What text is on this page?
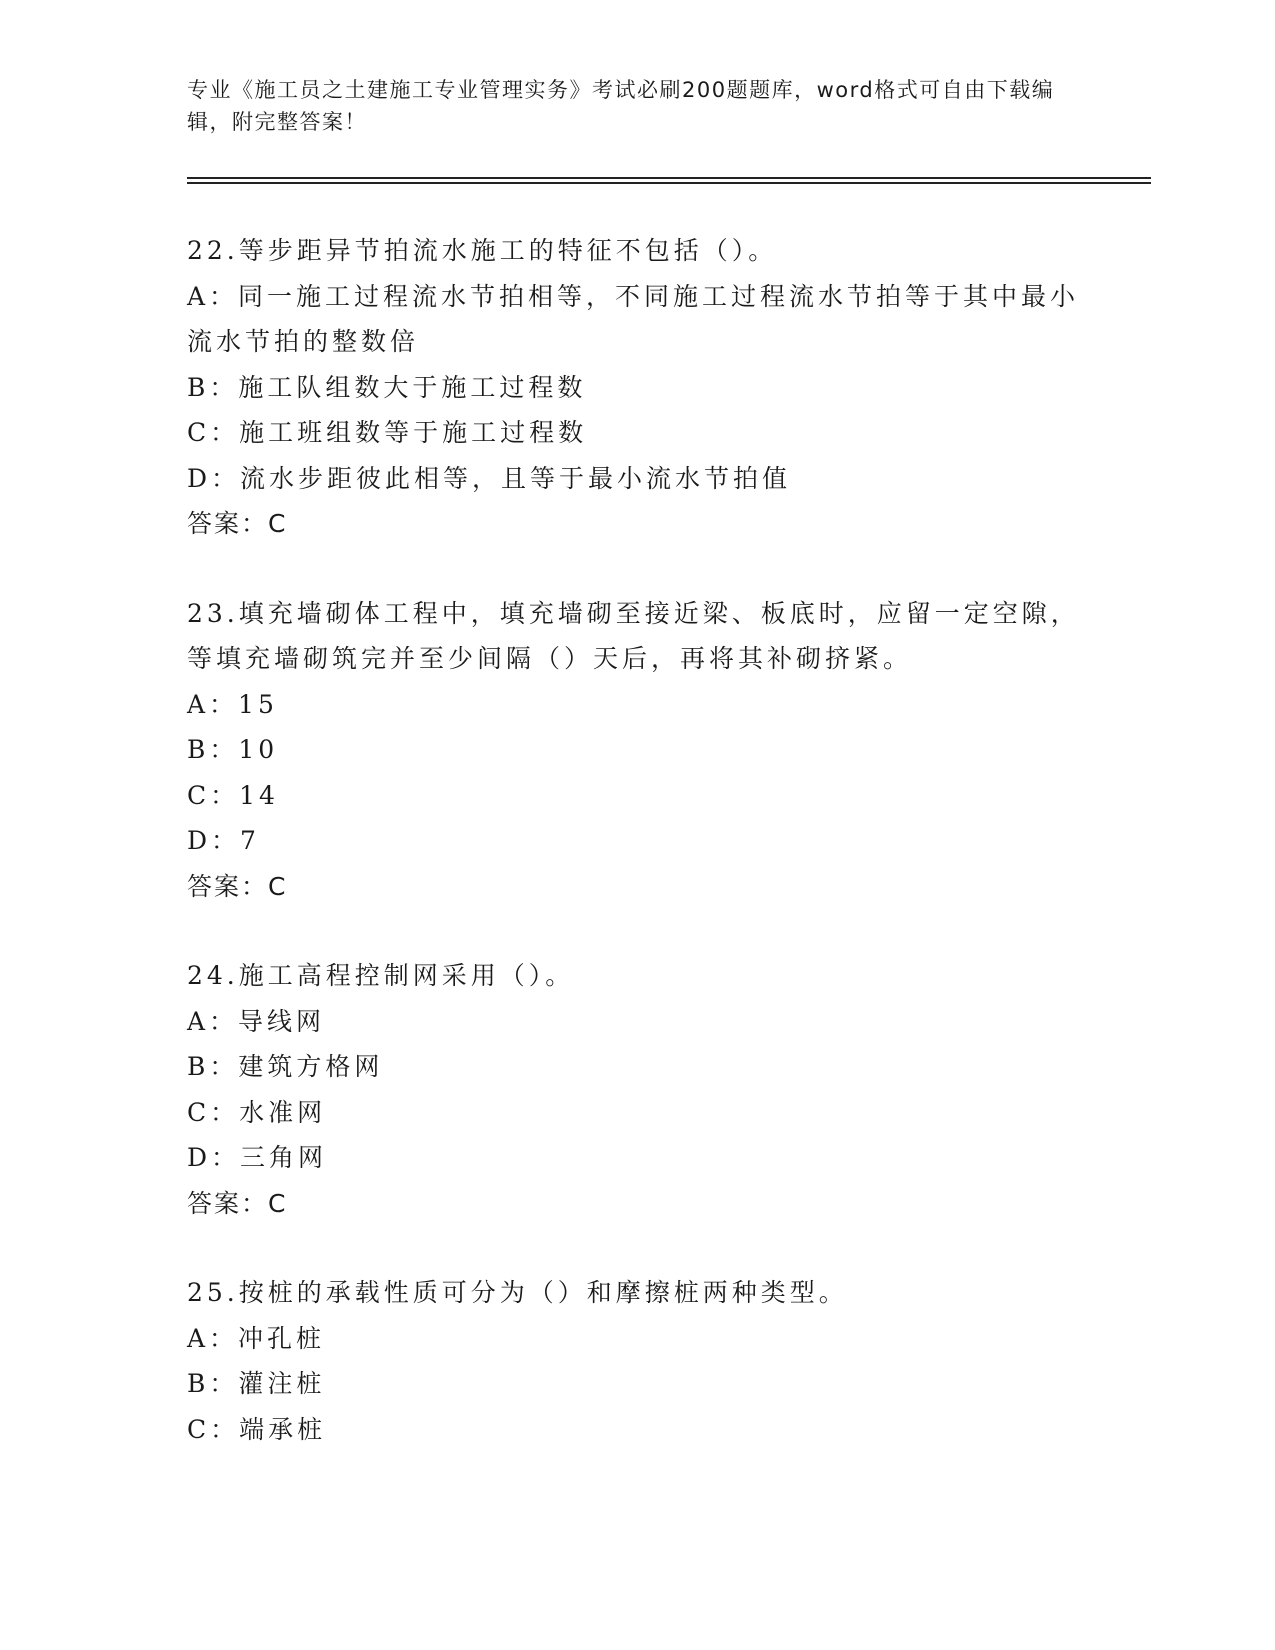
专业《施工员之土建施工专业管理实务》考试必刷200题题库，word格式可自由下载编辑，附完整答案！

22.等步距异节拍流水施工的特征不包括（）。

A：同一施工过程流水节拍相等，不同施工过程流水节拍等于其中最小流水节拍的整数倍

B：施工队组数大于施工过程数

C：施工班组数等于施工过程数

D：流水步距彼此相等，且等于最小流水节拍值

答案：C

23.填充墙砌体工程中，填充墙砌至接近梁、板底时，应留一定空隙，等填充墙砌筑完并至少间隔（）天后，再将其补砌挤紧。

A：15

B：10

C：14

D：7

答案：C

24.施工高程控制网采用（）。

A：导线网

B：建筑方格网

C：水准网

D：三角网

答案：C

25.按桩的承载性质可分为（）和摩擦桩两种类型。

A：冲孔桩

B：灌注桩

C：端承桩
